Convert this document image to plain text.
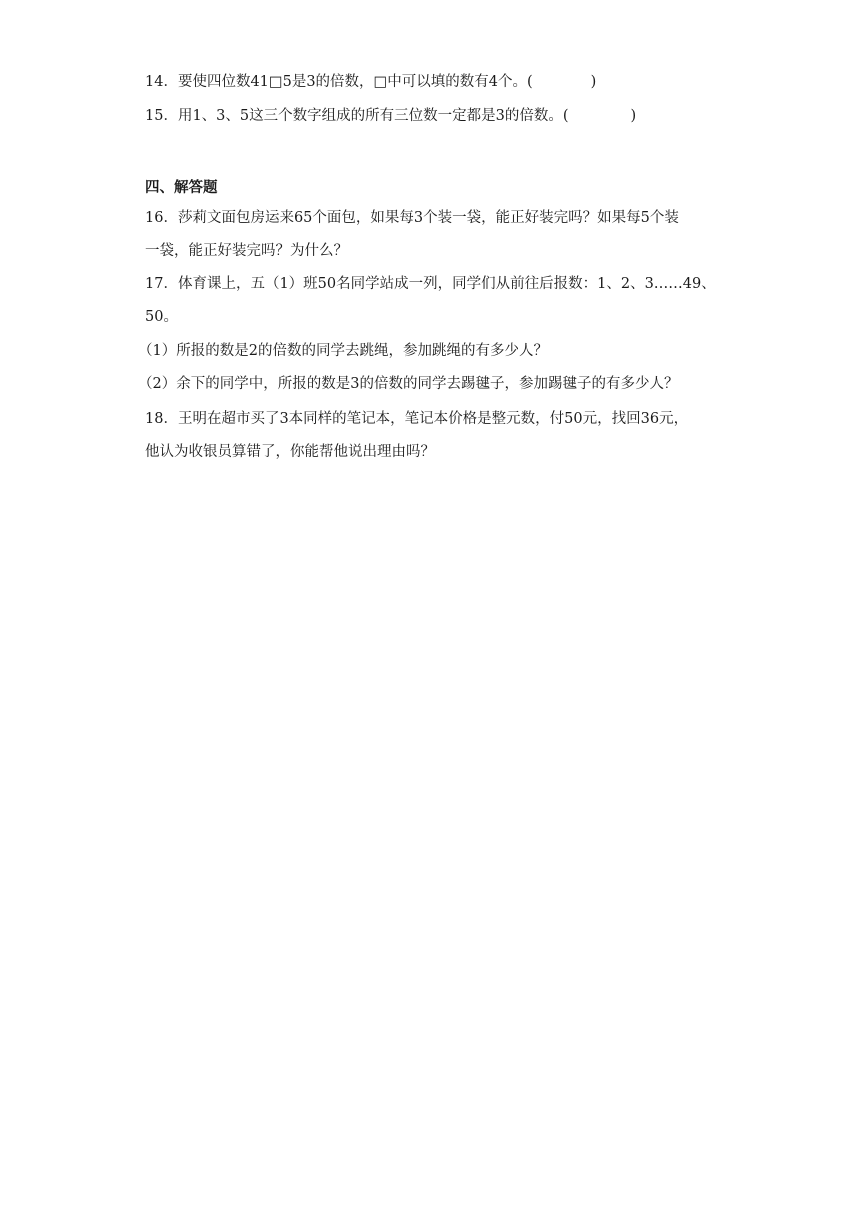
14．要使四位数41□5是3的倍数，□中可以填的数有4个。(	)
15．用1、3、5这三个数字组成的所有三位数一定都是3的倍数。(	)
四、解答题
16．莎莉文面包房运来65个面包，如果每3个装一袋，能正好装完吗？如果每5个装
一袋，能正好装完吗？为什么？
17．体育课上，五（1）班50名同学站成一列，同学们从前往后报数：1、2、3……49、
50。
（1）所报的数是2的倍数的同学去跳绳，参加跳绳的有多少人？
（2）余下的同学中，所报的数是3的倍数的同学去踢毽子，参加踢毽子的有多少人？
18．王明在超市买了3本同样的笔记本，笔记本价格是整元数，付50元，找回36元，
他认为收银员算错了，你能帮他说出理由吗？
